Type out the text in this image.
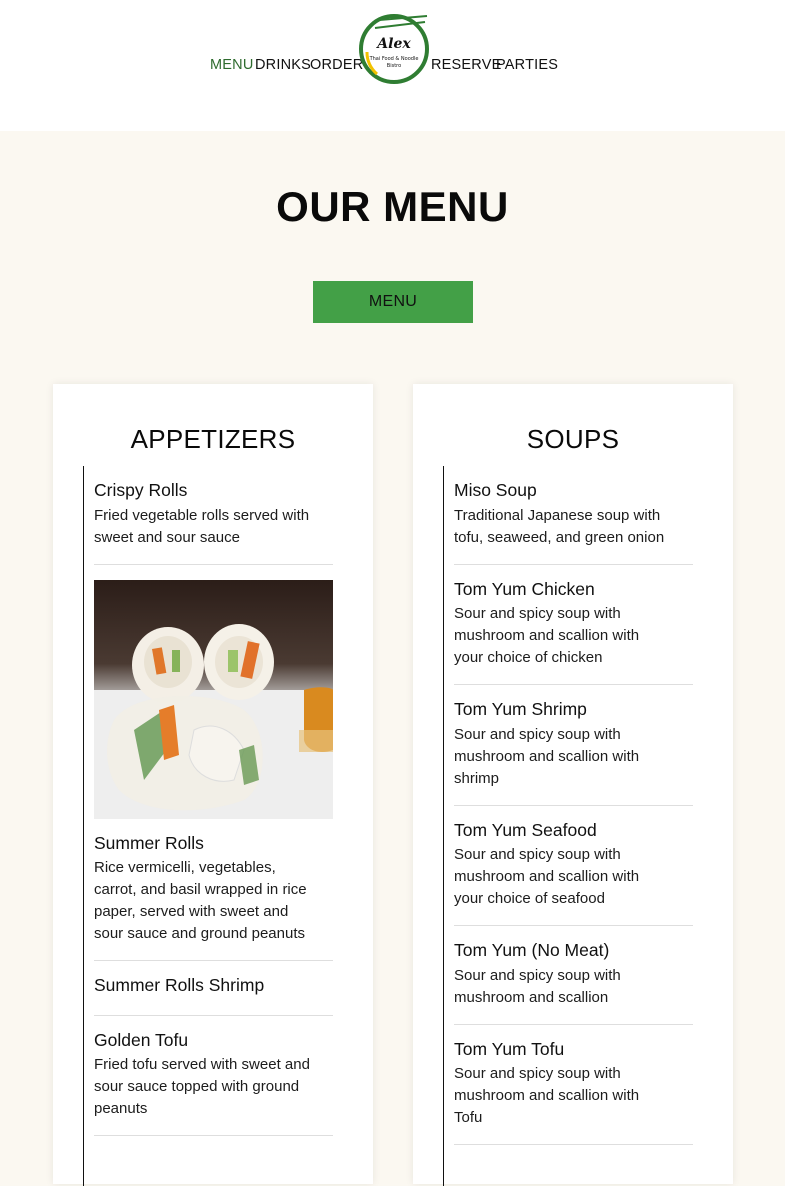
MENU DRINKS ORDER
Alex
Thai Food & Noodle
Bistro RESERVE
PARTIES
OUR MENU
MENU
APPETIZERS
Crispy Rolls

Fried vegetable rolls served with sweet and sour sauce

Summer Rolls

Rice vermicelli, vegetables, carrot, and basil wrapped in rice paper, served with sweet and sour sauce and ground peanuts

Summer Rolls Shrimp
Golden Tofu

Fried tofu served with sweet and sour sauce topped with ground peanuts

SOUPS
Miso Soup

Traditional Japanese soup with tofu, seaweed, and green onion

Tom Yum Chicken

Sour and spicy soup with mushroom and scallion with your choice of chicken

Tom Yum Shrimp

Sour and spicy soup with mushroom and scallion with shrimp

Tom Yum Seafood

Sour and spicy soup with mushroom and scallion with your choice of seafood

Tom Yum (No Meat)

Sour and spicy soup with mushroom and scallion

Tom Yum Tofu

Sour and spicy soup with mushroom and scallion with Tofu
